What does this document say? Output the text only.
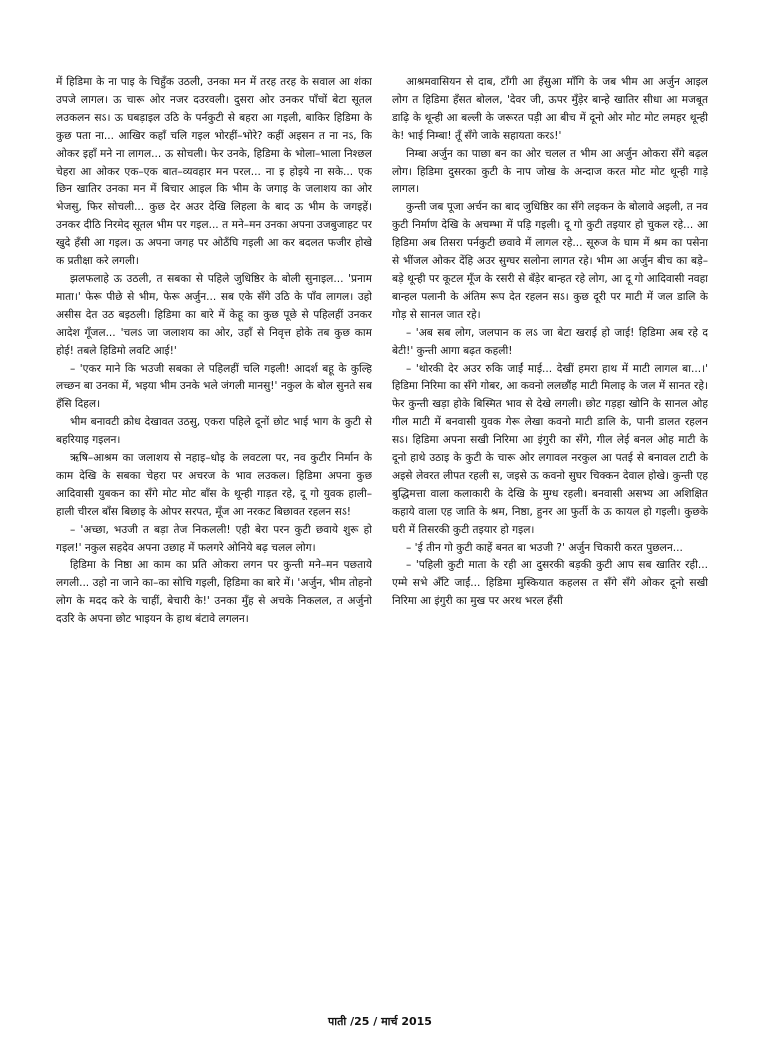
में हिडिमा के ना पाइ के चिहुँक उठली, उनका मन में तरह तरह के सवाल आ शंका उपजे लागल। ऊ चारू ओर नजर दउरवली। दुसरा ओर उनकर पाँचों बेटा सूतल लउकलन सऽ। ऊ घबड़ाइल उठि के पर्नकुटी से बहरा आ गइली, बाकिर हिडिमा के कुछ पता ना... आखिर कहाँ चलि गइल भोरहीं–भोरे? कहीं अइसन त ना नऽ, कि ओकर इहाँ मने ना लागल... ऊ सोचली। फेर उनके, हिडिमा के भोला–भाला निश्छल चेहरा आ ओकर एक–एक बात–व्यवहार मन परल... ना इ होइये ना सके... एक छिन खातिर उनका मन में बिचार आइल कि भीम के जगाइ के जलाशय का ओर भेजसु, फिर सोचली... कुछ देर अउर देखि लिहला के बाद ऊ भीम के जगइहें। उनकर दीठि निरमेद सूतल भीम पर गइल... त मने–मन उनका अपना उजबुजाहट पर खुदे हँसी आ गइल। ऊ अपना जगह पर ओठँघि गइली आ कर बदलत फजीर होखे क प्रतीक्षा करे लगली।

झलफलाहे ऊ उठली, त सबका से पहिले जुधिष्ठिर के बोली सुनाइल... 'प्रनाम माता।' फेरू पीछे से भीम, फेरू अर्जुन... सब एके सँगे उठि के पाँव लागल। उहो असीस देत उठ बइठली। हिडिमा का बारे में केहू का कुछ पूछे से पहिलहीं उनकर आदेश गूँजल... 'चलऽ जा जलाशय का ओर, उहाँ से निवृत्त होके तब कुछ काम होई! तबले हिडिमो लवटि आई!'

– 'एकर माने कि भउजी सबका ले पहिलहीं चलि गइली! आदर्श बहू के कुल्हि लच्छन बा उनका में, भइया भीम उनके भले जंगली मानसु!' नकुल के बोल सुनते सब हँसि दिहल।

भीम बनावटी क्रोध देखावत उठसु, एकरा पहिले दूनों छोट भाई भाग के कुटी से बहरियाइ गइलन।

ऋषि–आश्रम का जलाशय से नहाइ–धोइ के लवटला पर, नव कुटीर निर्मान के काम देखि के सबका चेहरा पर अचरज के भाव लउकल। हिडिमा अपना कुछ आदिवासी युबकन का सँगे मोट मोट बाँस के थून्ही गाड़त रहे, दू गो युवक हाली–हाली चीरल बाँस बिछाइ के ओपर सरपत, मूँज आ नरकट बिछावत रहलन सऽ!

– 'अच्छा, भउजी त बड़ा तेज निकलली! एही बेरा परन कुटी छवाये शुरू हो गइल!' नकुल सहदेव अपना उछाह में फलगरे ओनिये बढ़ चलल लोग।

हिडिमा के निष्ठा आ काम का प्रति ओकरा लगन पर कुन्ती मने–मन पछताये लगली... उहो ना जाने का–का सोचि गइली, हिडिमा का बारे में। 'अर्जुन, भीम तोहनो लोग के मदद करे के चाहीं, बेचारी के!' उनका मुँह से अचके निकलल, त अर्जुनो दउरि के अपना छोट भाइयन के हाथ बंटावे लगलन।

आश्रमवासियन से दाब, टाँगी आ हँसुआ माँगि के जब भीम आ अर्जुन आइल लोग त हिडिमा हँसत बोलल, 'देवर जी, ऊपर मुँड़ेर बान्हे खातिर सीधा आ मजबूत डाढ़ि के थून्ही आ बल्ली के जरूरत पड़ी आ बीच में दूनो ओर मोट मोट लमहर थून्ही के! भाई निम्बा! तूँ सँगे जाके सहायता करऽ!'

निम्बा अर्जुन का पाछा बन का ओर चलल त भीम आ अर्जुन ओकरा सँगे बढ़ल लोग। हिडिमा दुसरका कुटी के नाप जोख के अन्दाज करत मोट मोट थून्ही गाड़े लागल।

कुन्ती जब पूजा अर्चन का बाद जुधिष्ठिर का सँगे लइकन के बोलावे अइली, त नव कुटी निर्माण देखि के अचम्भा में पड़ि गइली। दू गो कुटी तइयार हो चुकल रहे... आ हिडिमा अब तिसरा पर्नकुटी छवावे में लागल रहे... सूरुज के घाम में श्रम का पसेना से भींजल ओकर देंहि अउर सुग्घर सलोना लागत रहे। भीम आ अर्जुन बीच का बड़े–बड़े थून्ही पर कूटल मूँज के रसरी से बँड़ेर बान्हत रहे लोग, आ दू गो आदिवासी नवहा बान्हल पलानी के अंतिम रूप देत रहलन सऽ। कुछ दूरी पर माटी में जल डालि के गोड़ से सानल जात रहे।

– 'अब सब लोग, जलपान क लऽ जा बेटा खराई हो जाई! हिडिमा अब रहे द बेटी!' कुन्ती आगा बढ़त कहली!

– 'थोरकी देर अउर रुकि जाईं माई... देखीं हमरा हाथ में माटी लागल बा...।' हिडिमा निरिमा का सँगे गोबर, आ कवनो ललछौंह माटी मिलाइ के जल में सानत रहे। फेर कुन्ती खड़ा होके बिस्मित भाव से देखे लगली। छोट गड़हा खोनि के सानल ओह गील माटी में बनवासी युवक गेरू लेखा कवनो माटी डालि के, पानी डालत रहलन सऽ। हिडिमा अपना सखी निरिमा आ इंगुरी का सँगे, गील लेई बनल ओह माटी के दूनो हाथे उठाइ के कुटी के चारू ओर लगावल नरकुल आ पतई से बनावल टाटी के अइसे लेवरत लीपत रहली स, जइसे ऊ कवनो सुघर चिक्कन देवाल होखे। कुन्ती एह बुद्धिमत्ता वाला कलाकारी के देखि के मुग्ध रहली। बनवासी असभ्य आ अशिक्षित कहाये वाला एह जाति के श्रम, निष्ठा, हुनर आ फुर्ती के ऊ कायल हो गइली। कुछके घरी में तिसरकी कुटी तइयार हो गइल।

– 'ई तीन गो कुटी काहें बनत बा भउजी ?' अर्जुन चिकारी करत पुछलन...

– 'पहिली कुटी माता के रही आ दुसरकी बड़की कुटी आप सब खातिर रही... एम्मे सभे अँटि जाईं... हिडिमा मुस्कियात कहलस त सँगे सँगे ओकर दूनो सखी निरिमा आ इंगुरी का मुख पर अरथ भरल हँसी

पाती /25 / मार्च 2015
